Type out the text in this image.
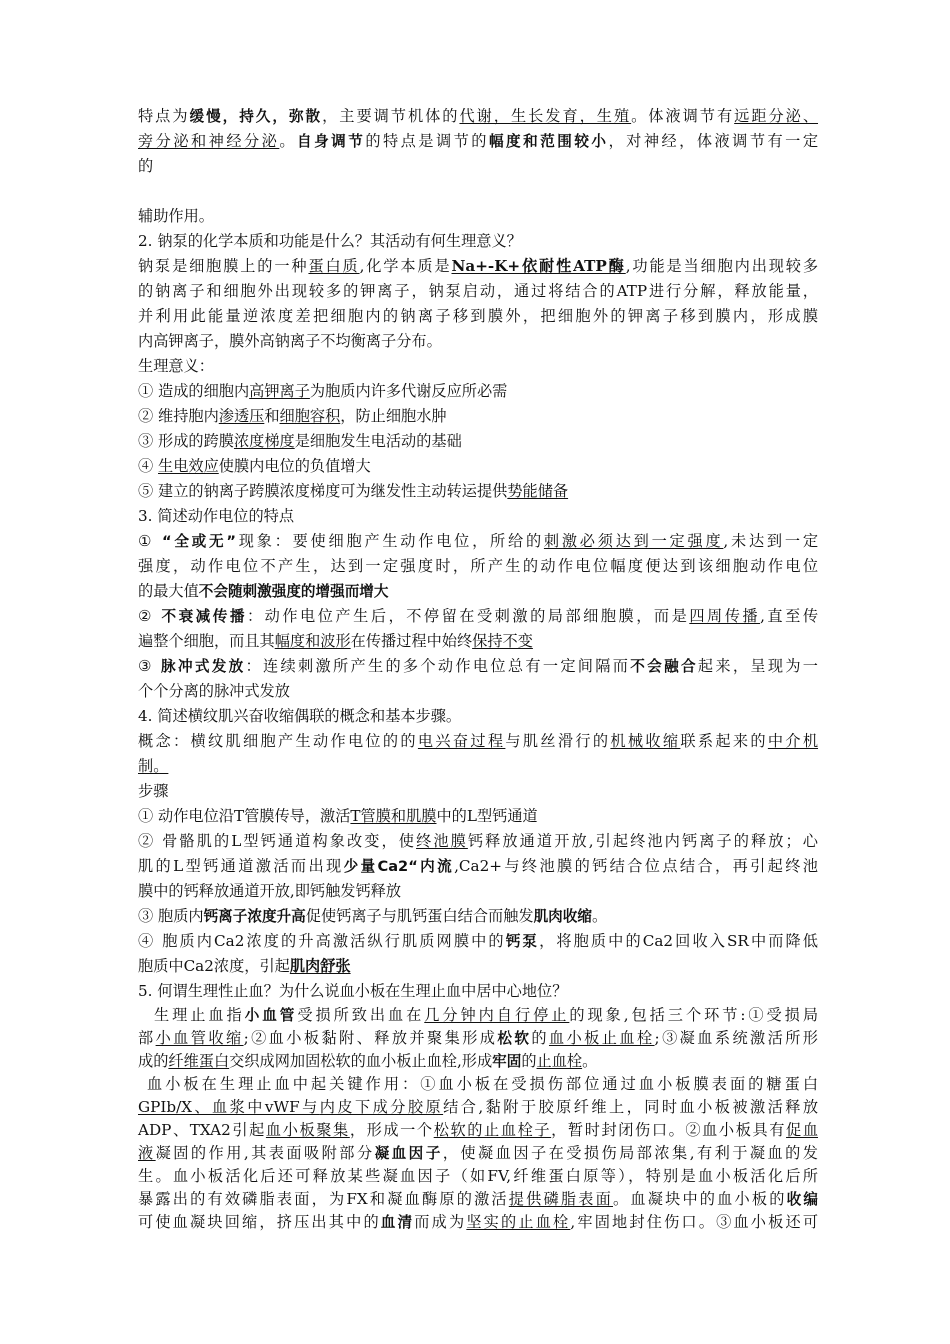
特点为缓慢，持久，弥散，主要调节机体的代谢，生长发育，生殖。体液调节有远距分泌、
旁分泌和神经分泌。自身调节的特点是调节的幅度和范围较小，对神经，体液调节有一定
的
辅助作用。
2. 钠泵的化学本质和功能是什么？其活动有何生理意义？
钠泵是细胞膜上的一种蛋白质,化学本质是Na+-K+依耐性ATP酶,功能是当细胞内出现较多
的钠离子和细胞外出现较多的钾离子，钠泵启动，通过将结合的ATP进行分解，释放能量，
并利用此能量逆浓度差把细胞内的钠离子移到膜外，把细胞外的钾离子移到膜内，形成膜
内高钾离子，膜外高钠离子不均衡离子分布。
生理意义：
① 造成的细胞内高钾离子为胞质内许多代谢反应所必需
② 维持胞内渗透压和细胞容积，防止细胞水肿
③ 形成的跨膜浓度梯度是细胞发生电活动的基础
④ 生电效应使膜内电位的负值增大
⑤ 建立的钠离子跨膜浓度梯度可为继发性主动转运提供势能储备
3. 简述动作电位的特点
① “全或无”现象：要使细胞产生动作电位，所给的刺激必须达到一定强度,未达到一定
强度，动作电位不产生，达到一定强度时，所产生的动作电位幅度便达到该细胞动作电位
的最大值不会随刺激强度的增强而增大
② 不衰减传播：动作电位产生后，不停留在受刺激的局部细胞膜，而是四周传播,直至传
遍整个细胞，而且其幅度和波形在传播过程中始终保持不变
③ 脉冲式发放：连续刺激所产生的多个动作电位总有一定间隔而不会融合起来，呈现为一
个个分离的脉冲式发放
4. 简述横纹肌兴奋收缩偶联的概念和基本步骤。
概念：横纹肌细胞产生动作电位的的电兴奋过程与肌丝滑行的机械收缩联系起来的中介机
制。
步骤
① 动作电位沿T管膜传导，激活T管膜和肌膜中的L型钙通道
② 骨骼肌的L型钙通道构象改变，使终池膜钙释放通道开放,引起终池内钙离子的释放；心
肌的L型钙通道激活而出现少量Ca2“内流,Ca2+与终池膜的钙结合位点结合，再引起终池
膜中的钙释放通道开放,即钙触发钙释放
③ 胞质内钙离子浓度升高促使钙离子与肌钙蛋白结合而触发肌肉收缩。
④ 胞质内Ca2浓度的升高激活纵行肌质网膜中的钙泵，将胞质中的Ca2回收入SR中而降低
胞质中Ca2浓度，引起肌肉舒张
5. 何谓生理性止血？为什么说血小板在生理止血中居中心地位？
生理止血指小血管受损所致出血在几分钟内自行停止的现象,包括三个环节:①受损局
部小血管收缩;②血小板黏附、释放并聚集形成松软的血小板止血栓;③凝血系统激活所形
成的纤维蛋白交织成网加固松软的血小板止血栓,形成牢固的止血栓。
血小板在生理止血中起关键作用：①血小板在受损伤部位通过血小板膜表面的糖蛋白
GPIb/X、血浆中vWF与内皮下成分胶原结合,黏附于胶原纤维上，同时血小板被激活释放
ADP、TXA2引起血小板聚集，形成一个松软的止血栓子，暂时封闭伤口。②血小板具有促血
液凝固的作用,其表面吸附部分凝血因子，使凝血因子在受损伤局部浓集,有利于凝血的发
生。血小板活化后还可释放某些凝血因子（如FV,纤维蛋白原等），特别是血小板活化后所
暴露出的有效磷脂表面，为FX和凝血酶原的激活提供磷脂表面。血凝块中的血小板的收编
可使血凝块回缩，挤压出其中的血清而成为坚实的止血栓,牢固地封住伤口。③血小板还可
